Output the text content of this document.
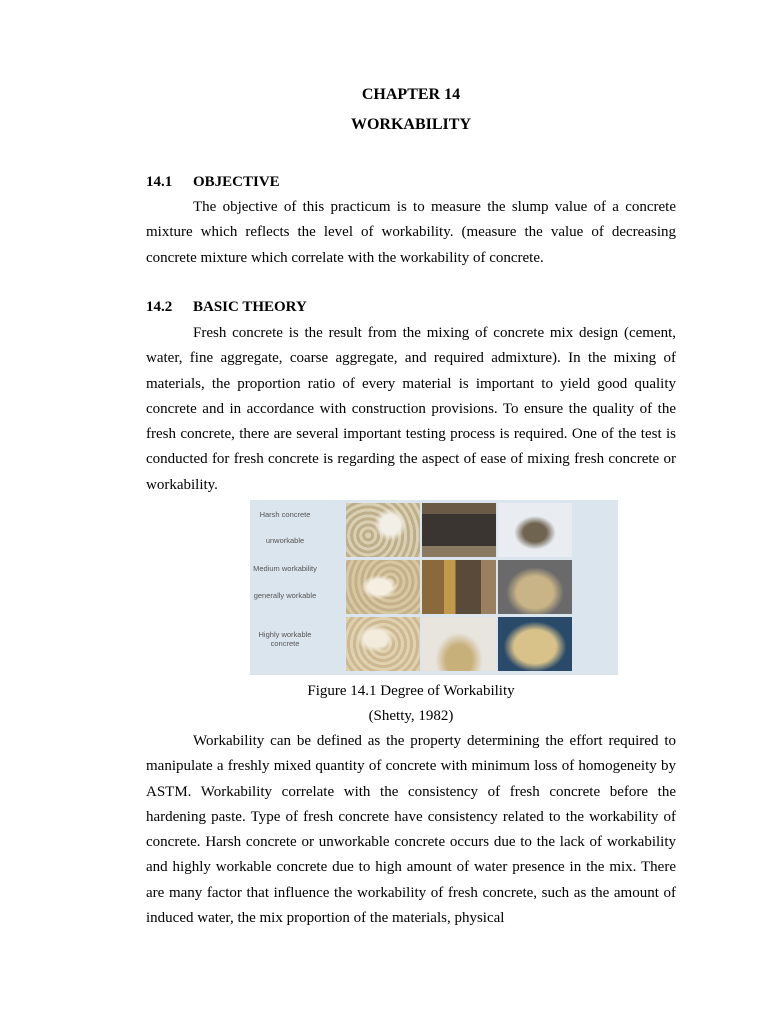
CHAPTER 14
WORKABILITY
14.1 OBJECTIVE
The objective of this practicum is to measure the slump value of a concrete mixture which reflects the level of workability. (measure the value of decreasing concrete mixture which correlate with the workability of concrete.
14.2 BASIC THEORY
Fresh concrete is the result from the mixing of concrete mix design (cement, water, fine aggregate, coarse aggregate, and required admixture). In the mixing of materials, the proportion ratio of every material is important to yield good quality concrete and in accordance with construction provisions. To ensure the quality of the fresh concrete, there are several important testing process is required. One of the test is conducted for fresh concrete is regarding the aspect of ease of mixing fresh concrete or workability.
Harsh concrete
unworkable
Medium workability
generally workable
Highly workable concrete
Figure 14.1 Degree of Workability
(Shetty, 1982)
Workability can be defined as the property determining the effort required to manipulate a freshly mixed quantity of concrete with minimum loss of homogeneity by ASTM. Workability correlate with the consistency of fresh concrete before the hardening paste. Type of fresh concrete have consistency related to the workability of concrete. Harsh concrete or unworkable concrete occurs due to the lack of workability and highly workable concrete due to high amount of water presence in the mix. There are many factor that influence the workability of fresh concrete, such as the amount of induced water, the mix proportion of the materials, physical
